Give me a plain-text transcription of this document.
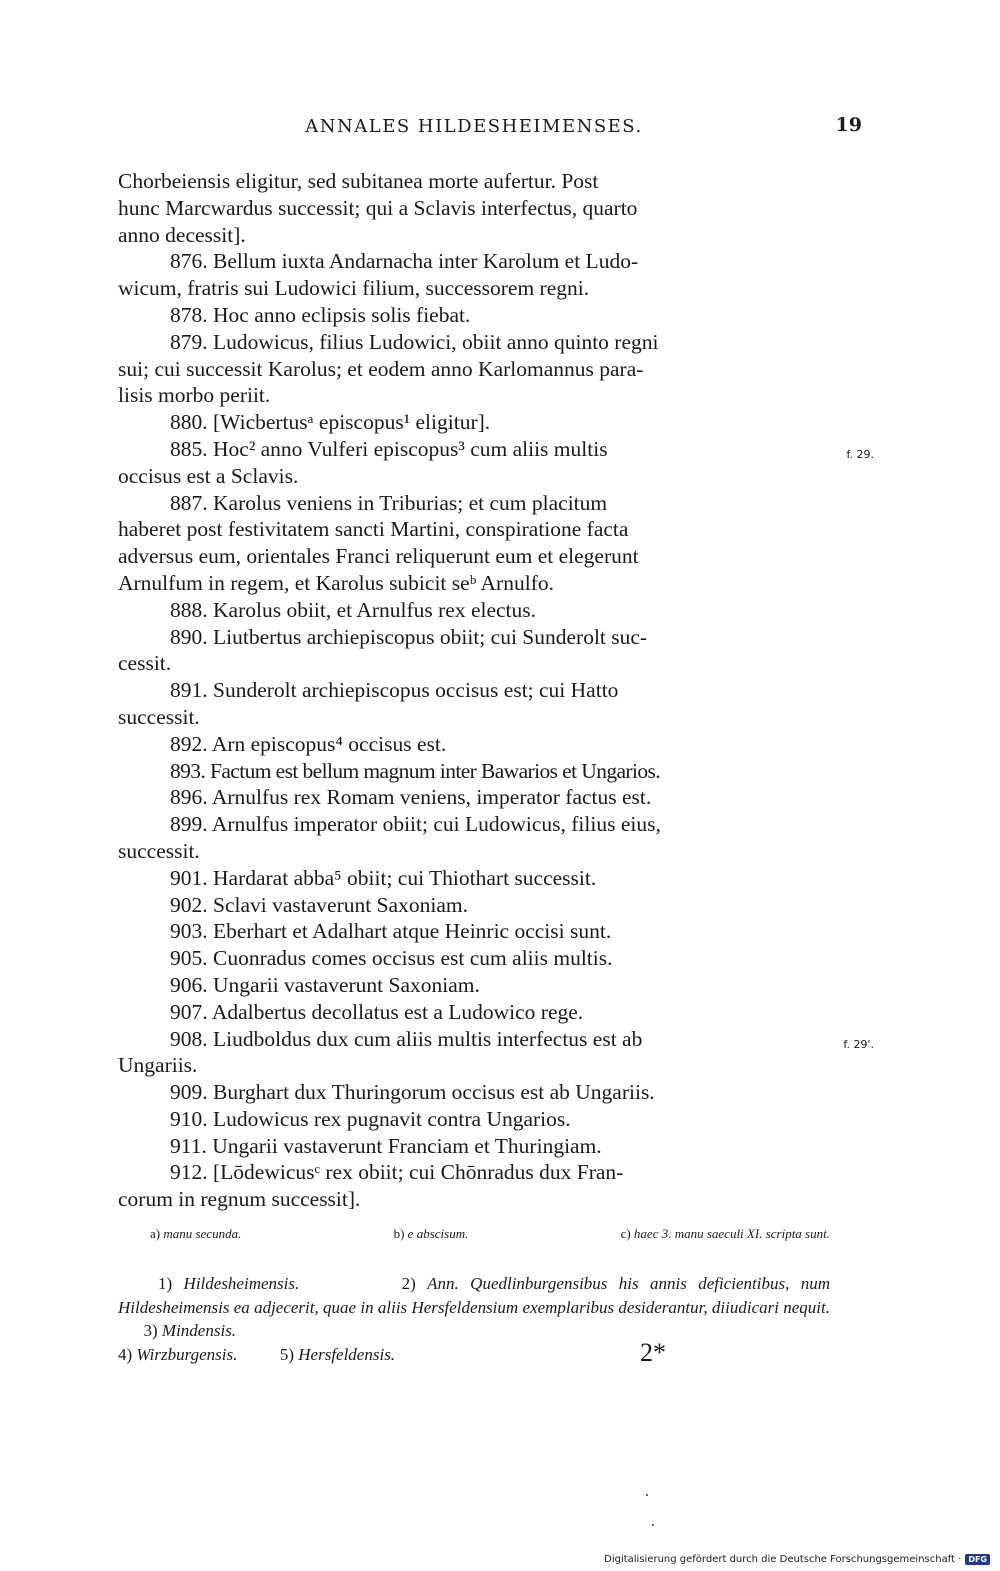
ANNALES HILDESHEIMENSES.	19
Chorbeiensis eligitur, sed subitanea morte aufertur. Post
hunc Marcwardus successit; qui a Sclavis interfectus, quarto
anno decessit].
876. Bellum iuxta Andarnacha inter Karolum et Ludo-
wicum, fratris sui Ludowici filium, successorem regni.
878. Hoc anno eclipsis solis fiebat.
879. Ludowicus, filius Ludowici, obiit anno quinto regni
sui; cui successit Karolus; et eodem anno Karlomannus para-
lisis morbo periit.
880. [Wicbertusᵃ episcopus¹ eligitur].
885. Hoc² anno Vulferi episcopus³ cum aliis multis
occisus est a Sclavis.
f. 29.
887. Karolus veniens in Triburias; et cum placitum
haberet post festivitatem sancti Martini, conspiratione facta
adversus eum, orientales Franci reliquerunt eum et elegerunt
Arnulfum in regem, et Karolus subicit seᵇ Arnulfo.
888. Karolus obiit, et Arnulfus rex electus.
890. Liutbertus archiepiscopus obiit; cui Sunderolt suc-
cessit.
891. Sunderolt archiepiscopus occisus est; cui Hatto
successit.
892. Arn episcopus⁴ occisus est.
893. Factum est bellum magnum inter Bawarios et Ungarios.
896. Arnulfus rex Romam veniens, imperator factus est.
899. Arnulfus imperator obiit; cui Ludowicus, filius eius,
successit.
901. Hardarat abba⁵ obiit; cui Thiothart successit.
902. Sclavi vastaverunt Saxoniam.
903. Eberhart et Adalhart atque Heinric occisi sunt.
905. Cuonradus comes occisus est cum aliis multis.
906. Ungarii vastaverunt Saxoniam.
907. Adalbertus decollatus est a Ludowico rege.
908. Liudboldus dux cum aliis multis interfectus est ab
Ungariis.
f. 29'.
909. Burghart dux Thuringorum occisus est ab Ungariis.
910. Ludowicus rex pugnavit contra Ungarios.
911. Ungarii vastaverunt Franciam et Thuringiam.
912. [Lōdewicusᶜ rex obiit; cui Chōnradus dux Fran-
corum in regnum successit].
a) manu secunda.	b) e abscisum.	c) haec 3. manu saeculi XI. scripta sunt.
1) Hildesheimensis.	2) Ann. Quedlinburgensibus his annis deficientibus, num Hildesheimensis ea adjecerit, quae in aliis Hersfeldensium exemplaribus desiderantur, diiudicari nequit.       3) Mindensis.
4) Wirzburgensis.	5) Hersfeldensis.	2*
Digitalisierung gefördert durch die Deutsche Forschungsgemeinschaft · DFG
